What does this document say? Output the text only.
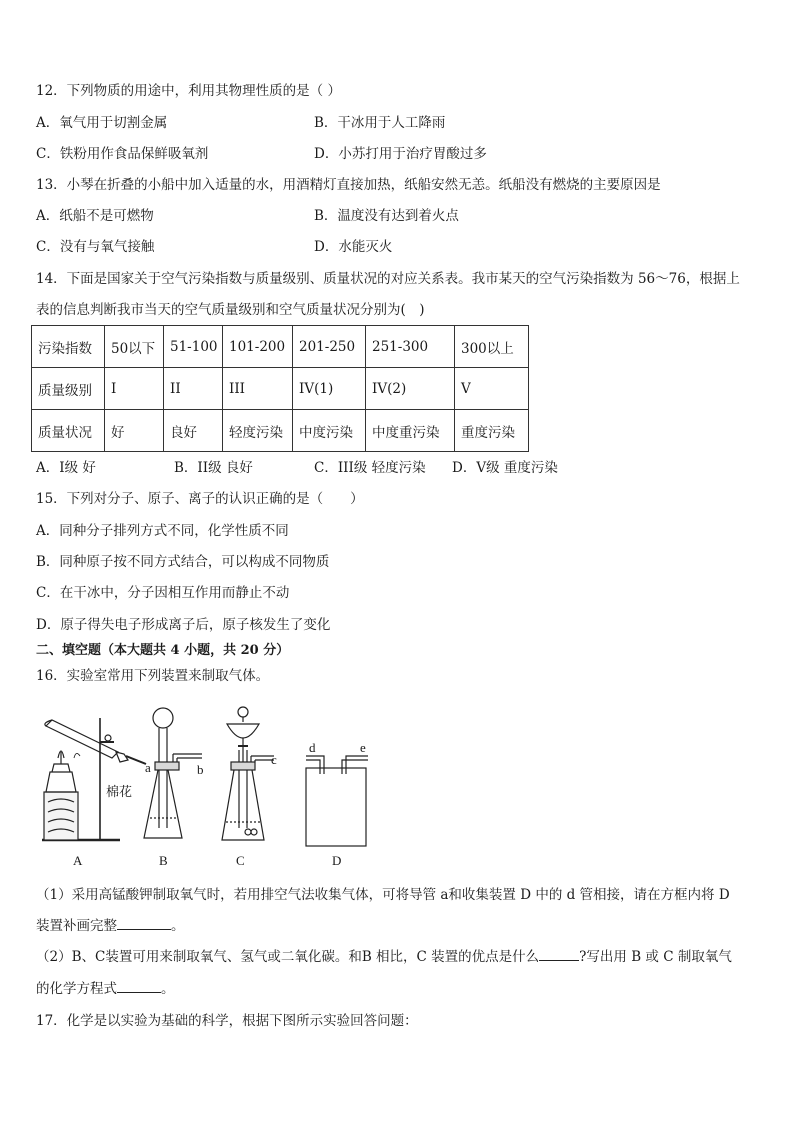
12．下列物质的用途中，利用其物理性质的是（ ）
A．氧气用于切割金属	B．干冰用于人工降雨
C．铁粉用作食品保鲜吸氧剂	D．小苏打用于治疗胃酸过多
13．小琴在折叠的小船中加入适量的水，用酒精灯直接加热，纸船安然无恙。纸船没有燃烧的主要原因是
A．纸船不是可燃物	B．温度没有达到着火点
C．没有与氧气接触	D．水能灭火
14．下面是国家关于空气污染指数与质量级别、质量状况的对应关系表。我市某天的空气污染指数为 56～76，根据上
表的信息判断我市当天的空气质量级别和空气质量状况分别为(　)
污染指数	50以下	51-100	101-200	201-250	251-300	300以上
质量级别	I	II	III	IV(1)	IV(2)	V
质量状况	好	良好	轻度污染	中度污染	中度重污染	重度污染
A．I级 好	B．II级 良好	C．III级 轻度污染 D．V级 重度污染
15．下列对分子、原子、离子的认识正确的是（　　）
A．同种分子排列方式不同，化学性质不同
B．同种原子按不同方式结合，可以构成不同物质
C．在干冰中，分子因相互作用而静止不动
D．原子得失电子形成离子后，原子核发生了变化
二、填空题（本大题共 4 小题，共 20 分）
16．实验室常用下列装置来制取气体。
A	B	C	D
a	b
c
d	e
棉花
（1）采用高锰酸钾制取氧气时，若用排空气法收集气体，可将导管 a和收集装置 D 中的 d 管相接，请在方框内将 D
装置补画完整	。
（2）B、C装置可用来制取氧气、氢气或二氧化碳。和B 相比，C 装置的优点是什么	?写出用 B 或 C 制取氧气
的化学方程式	。
17．化学是以实验为基础的科学，根据下图所示实验回答问题：
